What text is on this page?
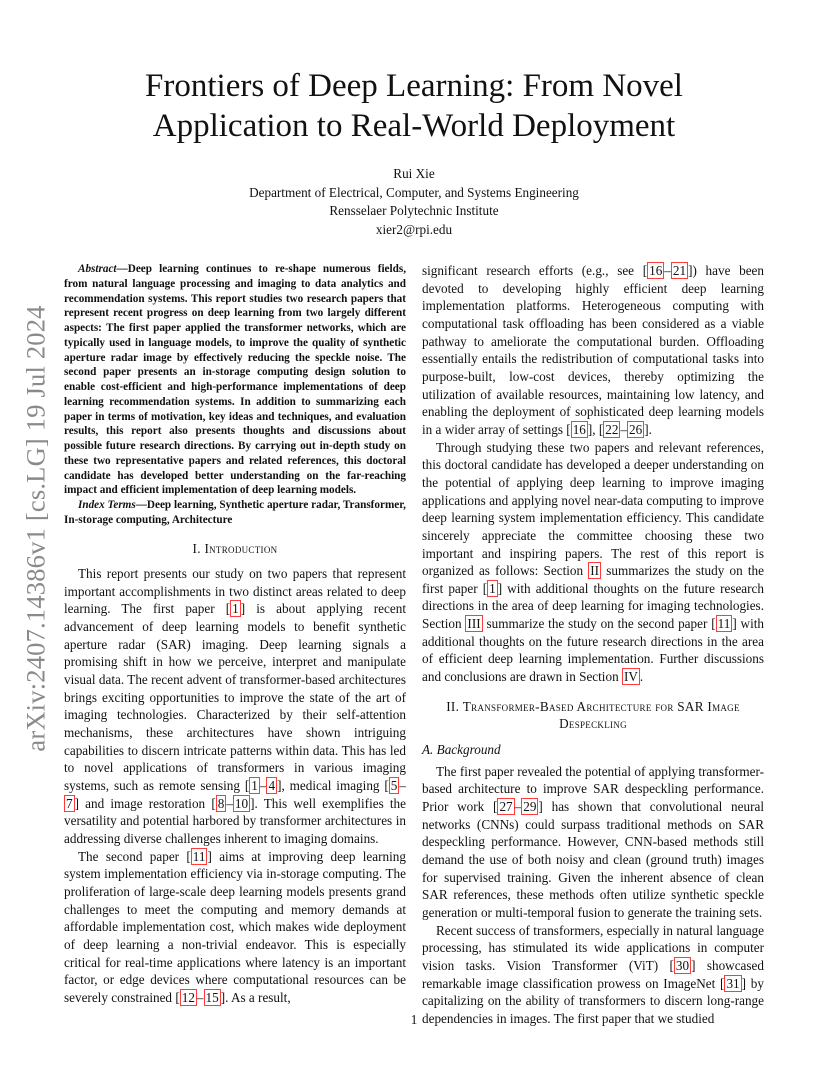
arXiv:2407.14386v1 [cs.LG] 19 Jul 2024
Frontiers of Deep Learning: From Novel
Application to Real-World Deployment
Rui Xie
Department of Electrical, Computer, and Systems Engineering
Rensselaer Polytechnic Institute
xier2@rpi.edu

Abstract—Deep learning continues to re-shape numerous fields, from natural language processing and imaging to data analytics and recommendation systems. This report studies two research papers that represent recent progress on deep learning from two largely different aspects: The first paper applied the transformer networks, which are typically used in language models, to improve the quality of synthetic aperture radar image by effectively reducing the speckle noise. The second paper presents an in-storage computing design solution to enable cost-efficient and high-performance implementations of deep learning recommendation systems. In addition to summarizing each paper in terms of motivation, key ideas and techniques, and evaluation results, this report also presents thoughts and discussions about possible future research directions. By carrying out in-depth study on these two representative papers and related references, this doctoral candidate has developed better understanding on the far-reaching impact and efficient implementation of deep learning models.

Index Terms—Deep learning, Synthetic aperture radar, Transformer, In-storage computing, Architecture

I. Introduction

This report presents our study on two papers that represent important accomplishments in two distinct areas related to deep learning. The first paper [ 1 ] is about applying recent advancement of deep learning models to benefit synthetic aperture radar (SAR) imaging. Deep learning signals a promising shift in how we perceive, interpret and manipulate visual data. The recent advent of transformer-based architectures brings exciting opportunities to improve the state of the art of imaging technologies. Characterized by their self-attention mechanisms, these architectures have shown intriguing capabilities to discern intricate patterns within data. This has led to novel applications of transformers in various imaging systems, such as remote sensing [ 1 – 4 ], medical imaging [ 5 –7 ] and image restoration [ 8 – 10 ]. This well exemplifies the versatility and potential harbored by transformer architectures in addressing diverse challenges inherent to imaging domains.

The second paper [ 11 ] aims at improving deep learning system implementation efficiency via in-storage computing. The proliferation of large-scale deep learning models presents grand challenges to meet the computing and memory demands at affordable implementation cost, which makes wide deployment of deep learning a non-trivial endeavor. This is especially critical for real-time applications where latency is an important factor, or edge devices where computational resources can be severely constrained [ 12 – 15 ]. As a result,

significant research efforts (e.g., see [ 16 – 21 ]) have been devoted to developing highly efficient deep learning implementation platforms. Heterogeneous computing with computational task offloading has been considered as a viable pathway to ameliorate the computational burden. Offloading essentially entails the redistribution of computational tasks into purpose-built, low-cost devices, thereby optimizing the utilization of available resources, maintaining low latency, and enabling the deployment of sophisticated deep learning models in a wider array of settings [ 16 ], [ 22 – 26 ].

Through studying these two papers and relevant references, this doctoral candidate has developed a deeper understanding on the potential of applying deep learning to improve imaging applications and applying novel near-data computing to improve deep learning system implementation efficiency. This candidate sincerely appreciate the committee choosing these two important and inspiring papers. The rest of this report is organized as follows: Section II summarizes the study on the first paper [ 1 ] with additional thoughts on the future research directions in the area of deep learning for imaging technologies. Section III summarize the study on the second paper [ 11 ] with additional thoughts on the future research directions in the area of efficient deep learning implementation. Further discussions and conclusions are drawn in Section IV .

II. Transformer-Based Architecture for SAR Image Despeckling
A. Background

The first paper revealed the potential of applying transformer-based architecture to improve SAR despeckling performance. Prior work [ 27 – 29 ] has shown that convolutional neural networks (CNNs) could surpass traditional methods on SAR despeckling performance. However, CNN-based methods still demand the use of both noisy and clean (ground truth) images for supervised training. Given the inherent absence of clean SAR references, these methods often utilize synthetic speckle generation or multi-temporal fusion to generate the training sets.

Recent success of transformers, especially in natural language processing, has stimulated its wide applications in computer vision tasks. Vision Transformer (ViT) [ 30 ] showcased remarkable image classification prowess on ImageNet [ 31 ] by capitalizing on the ability of transformers to discern long-range dependencies in images. The first paper that we studied

1
